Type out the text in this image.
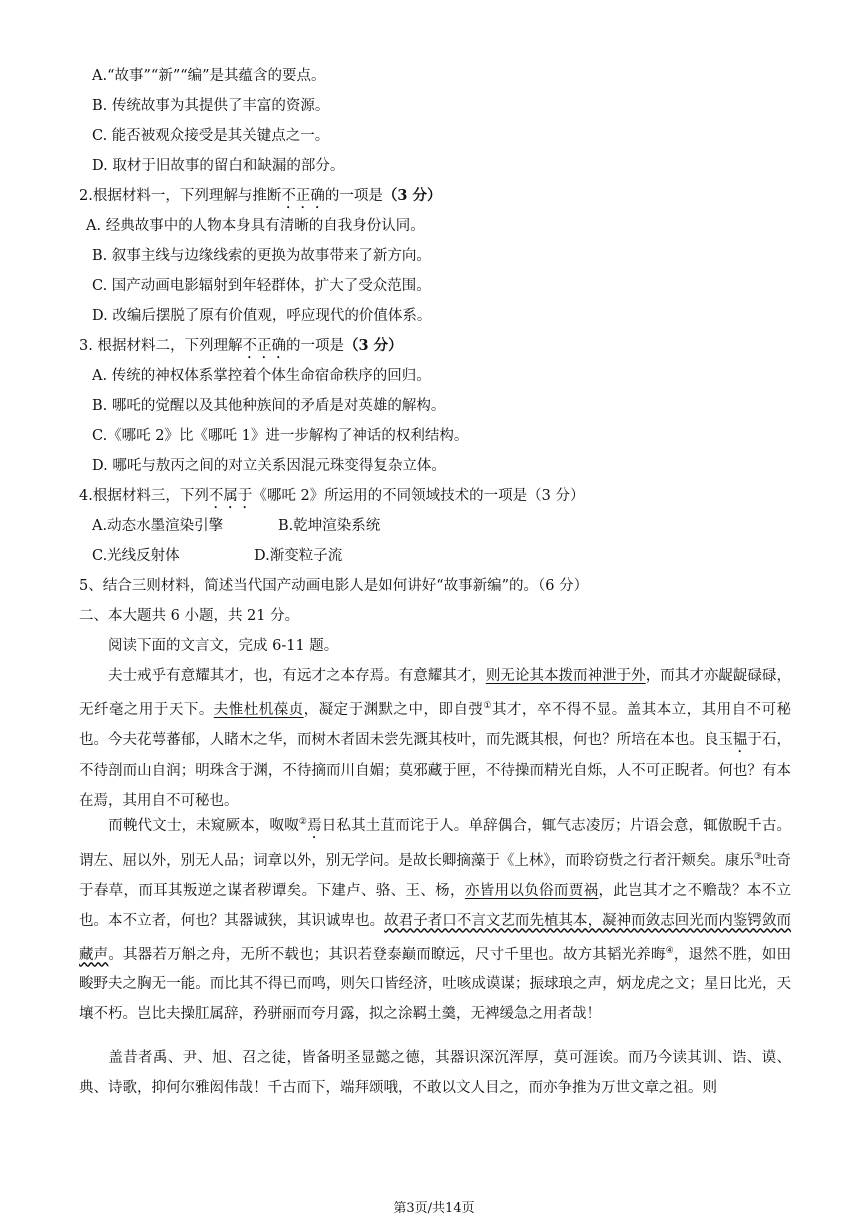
A.“故事”“新”“编”是其蕴含的要点。
B. 传统故事为其提供了丰富的资源。
C. 能否被观众接受是其关键点之一。
D. 取材于旧故事的留白和缺漏的部分。
2.根据材料一，下列理解与推断不正确的一项是（3 分）
A. 经典故事中的人物本身具有清晰的自我身份认同。
B. 叙事主线与边缘线索的更换为故事带来了新方向。
C. 国产动画电影辐射到年轻群体，扩大了受众范围。
D. 改编后摆脱了原有价值观，呼应现代的价值体系。
3. 根据材料二，下列理解不正确的一项是（3 分）
A. 传统的神权体系掌控着个体生命宿命秩序的回归。
B. 哪吒的觉醒以及其他种族间的矛盾是对英雄的解构。
C.《哪吒 2》比《哪吒 1》进一步解构了神话的权利结构。
D. 哪吒与敖丙之间的对立关系因混元珠变得复杂立体。
4.根据材料三，下列不属于《哪吒 2》所运用的不同领域技术的一项是（3 分）
A.动态水墨渲染引擎	B.乾坤渲染系统
C.光线反射体	D.渐变粒子流
5、结合三则材料，简述当代国产动画电影人是如何讲好“故事新编”的。（6 分）
二、本大题共 6 小题，共 21 分。
阅读下面的文言文，完成 6-11 题。
夫士戒乎有意耀其才，也，有远才之本存焉。有意耀其才，则无论其本拨而神泄于外，而其才亦龊龊碌碌，无纤毫之用于天下。夫惟杜机葆贞，凝定于渊默之中，即自弢①其才，卒不得不显。盖其本立，其用自不可秘也。今夫花萼蕃郁，人睹木之华，而树木者固未尝先溉其枝叶，而先溉其根，何也？所培在本也。良玉韫于石，不待剖而山自润；明珠含于渊，不待摘而川自媚；莫邪藏于匣，不待操而精光自烁，人不可正睨者。何也？有本在焉，其用自不可秘也。
而輓代文士，未窥厥本，呶呶②焉日私其土苴而诧于人。单辞偶合，辄气志凌厉；片语会意，辄傲睨千古。谓左、屈以外，别无人品；词章以外，别无学问。是故长卿摘藻于《上林》，而聆窃赀之行者汗颊矣。康乐③吐奇于春草，而耳其叛逆之谋者秽谭矣。下建卢、骆、王、杨，亦皆用以负俗而贾祸，此岂其才之不赡哉？本不立也。本不立者，何也？其器诚狭，其识诚卑也。故君子者口不言文艺而先植其本，凝神而敛志回光而内鉴锷敛而藏声。其器若万斛之舟，无所不载也；其识若登泰巅而瞭远，尺寸千里也。故方其韬光养晦④，退然不胜，如田畯野夫之胸无一能。而比其不得已而鸣，则矢口皆经济，吐咳成谟谋；振球琅之声，炳龙虎之文；星日比光，天壤不朽。岂比夫操肛属辞，矜骈丽而夸月露，拟之涂羁土羹，无裨缓急之用者哉！
盖昔者禹、尹、旭、召之徒，皆备明圣显懿之德，其器识深沉浑厚，莫可涯诶。而乃今读其训、诰、谟、典、诗歌，抑何尔雅闳伟哉！千古而下，端拜颂哦，不敢以文人目之，而亦争推为万世文章之祖。则
第3页/共14页
